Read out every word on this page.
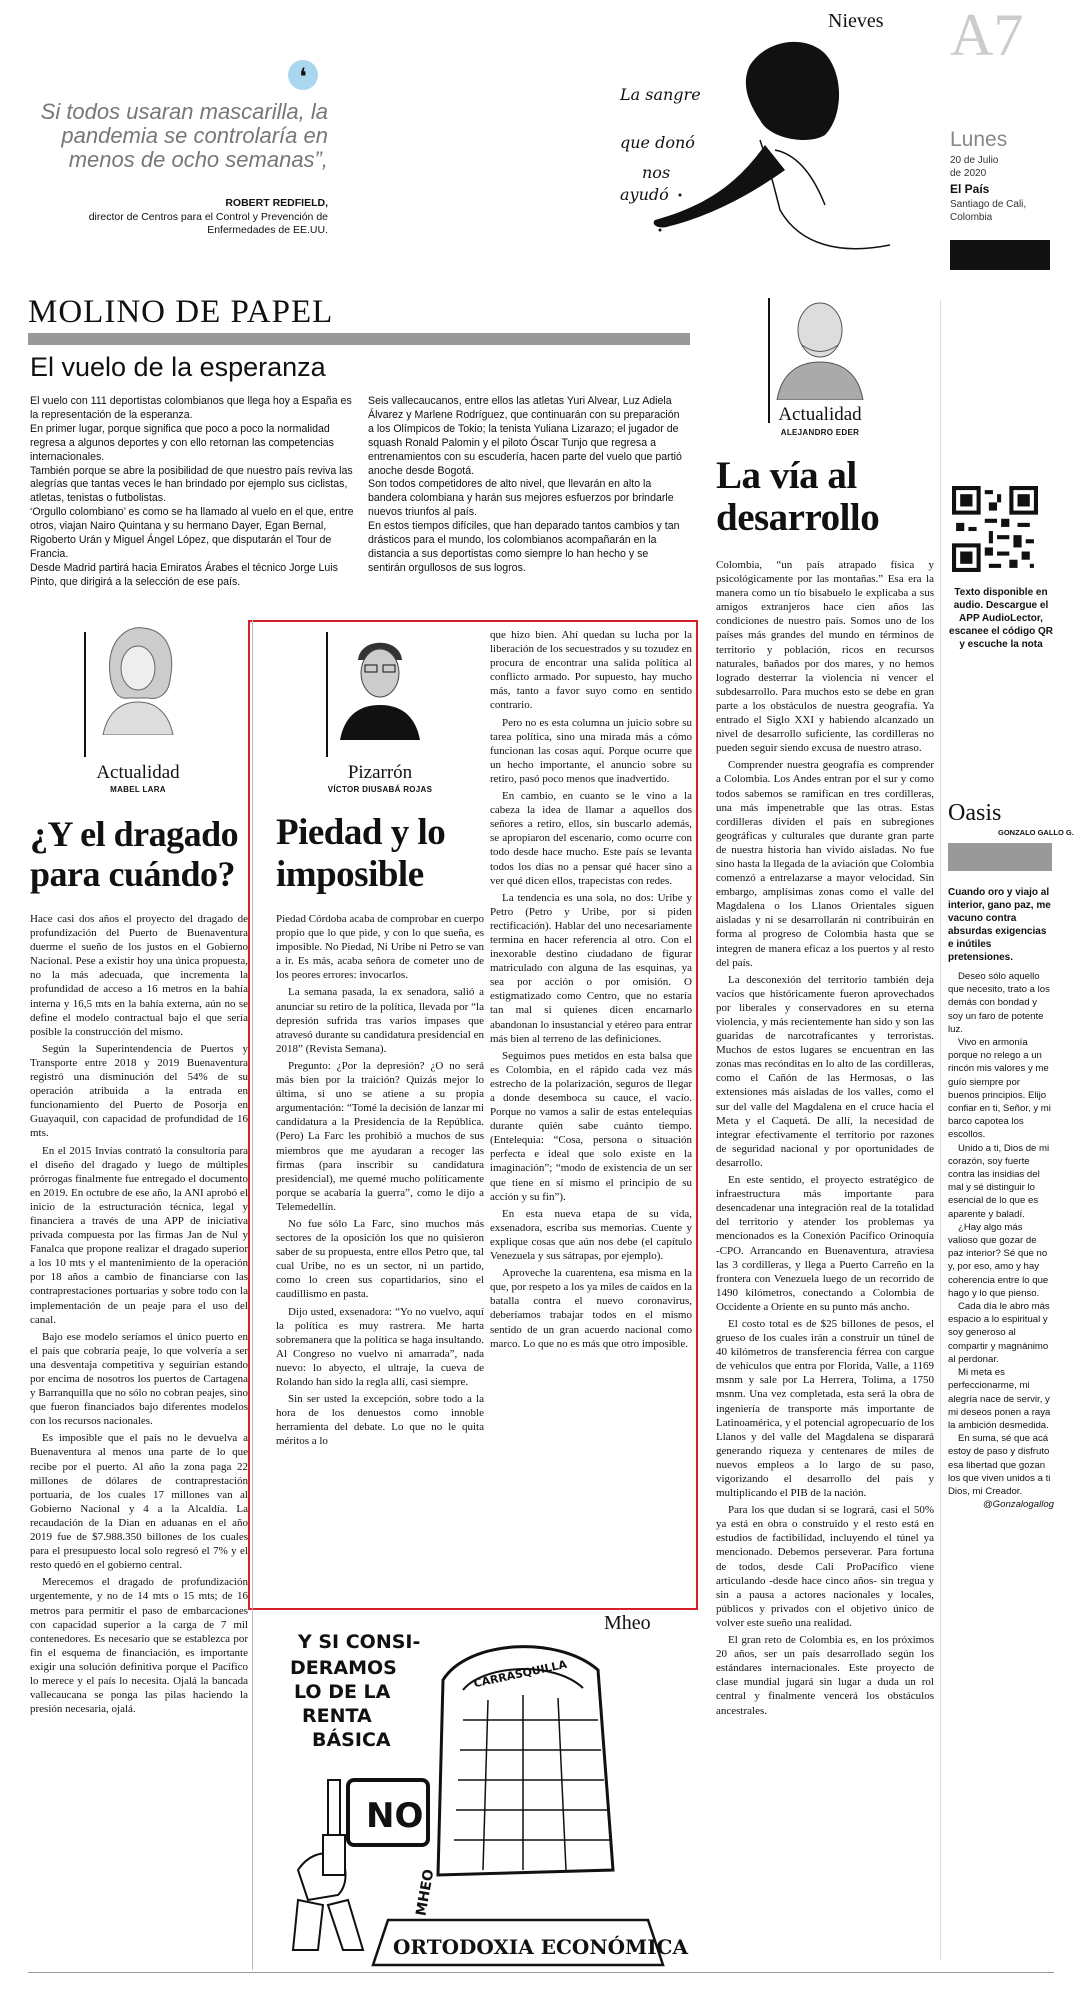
❛
Si todos usaran mascarilla, la pandemia se controlaría en menos de ocho semanas”,
ROBERT REDFIELD,
director de Centros para el Control y Prevención de Enfermedades de EE.UU.
Nieves
La sangre
que donó
nos
ayudó
A7
Lunes
20 de Julio
de 2020
El País
Santiago de Cali,
Colombia
MOLINO DE PAPEL
El vuelo de la esperanza

El vuelo con 111 deportistas colombianos que llega hoy a España es la representación de la esperanza.

En primer lugar, porque significa que poco a poco la normalidad regresa a algunos deportes y con ello retornan las competencias internacionales.

También porque se abre la posibilidad de que nuestro país reviva las alegrías que tantas veces le han brindado por ejemplo sus ciclistas, atletas, tenistas o futbolistas.

‘Orgullo colombiano’ es como se ha llamado al vuelo en el que, entre otros, viajan Nairo Quintana y su hermano Dayer, Egan Bernal, Rigoberto Urán y Miguel Ángel López, que disputarán el Tour de Francia.

Desde Madrid partirá hacia Emiratos Árabes el técnico Jorge Luis Pinto, que dirigirá a la selección de ese país.

Seis vallecaucanos, entre ellos las atletas Yuri Alvear, Luz Adiela Álvarez y Marlene Rodríguez, que continuarán con su preparación a los Olímpicos de Tokio; la tenista Yuliana Lizarazo; el jugador de squash Ronald Palomin y el piloto Óscar Tunjo que regresa a entrenamientos con su escudería, hacen parte del vuelo que partió anoche desde Bogotá.

Son todos competidores de alto nivel, que llevarán en alto la bandera colombiana y harán sus mejores esfuerzos por brindarle nuevos triunfos al país.

En estos tiempos difíciles, que han deparado tantos cambios y tan drásticos para el mundo, los colombianos acompañarán en la distancia a sus deportistas como siempre lo han hecho y se sentirán orgullosos de sus logros.

Actualidad
ALEJANDRO EDER
La vía al desarrollo

Colombia, “un país atrapado física y psicológicamente por las montañas.” Esa era la manera como un tío bisabuelo le explicaba a sus amigos extranjeros hace cien años las condiciones de nuestro país. Somos uno de los países más grandes del mundo en términos de territorio y población, ricos en recursos naturales, bañados por dos mares, y no hemos logrado desterrar la violencia ni vencer el subdesarrollo. Para muchos esto se debe en gran parte a los obstáculos de nuestra geografía. Ya entrado el Siglo XXI y habiendo alcanzado un nivel de desarrollo suficiente, las cordilleras no pueden seguir siendo excusa de nuestro atraso.

Comprender nuestra geografía es comprender a Colombia. Los Andes entran por el sur y como todos sabemos se ramifican en tres cordilleras, una más impenetrable que las otras. Estas cordilleras dividen el país en subregiones geográficas y culturales que durante gran parte de nuestra historia han vivido aisladas. No fue sino hasta la llegada de la aviación que Colombia comenzó a entrelazarse a mayor velocidad. Sin embargo, amplísimas zonas como el valle del Magdalena o los Llanos Orientales siguen aisladas y ni se desarrollarán ni contribuirán en forma al progreso de Colombia hasta que se integren de manera eficaz a los puertos y al resto del país.

La desconexión del territorio también deja vacíos que históricamente fueron aprovechados por liberales y conservadores en su eterna violencia, y más recientemente han sido y son las guaridas de narcotraficantes y terroristas. Muchos de estos lugares se encuentran en las zonas mas recónditas en lo alto de las cordilleras, como el Cañón de las Hermosas, o las extensiones más aisladas de los valles, como el sur del valle del Magdalena en el cruce hacia el Meta y el Caquetá. De allí, la necesidad de integrar efectivamente el territorio por razones de seguridad nacional y por oportunidades de desarrollo.

En este sentido, el proyecto estratégico de infraestructura más importante para desencadenar una integración real de la totalidad del territorio y atender los problemas ya mencionados es la Conexión Pacífico Orinoquía -CPO. Arrancando en Buenaventura, atraviesa las 3 cordilleras, y llega a Puerto Carreño en la frontera con Venezuela luego de un recorrido de 1490 kilómetros, conectando a Colombia de Occidente a Oriente en su punto más ancho.

El costo total es de $25 billones de pesos, el grueso de los cuales irán a construir un túnel de 40 kilómetros de transferencia férrea con cargue de vehículos que entra por Florida, Valle, a 1169 msnm y sale por La Herrera, Tolima, a 1750 msnm. Una vez completada, esta será la obra de ingeniería de transporte más importante de Latinoamérica, y el potencial agropecuario de los Llanos y del valle del Magdalena se disparará generando riqueza y centenares de miles de nuevos empleos a lo largo de su paso, vigorizando el desarrollo del país y multiplicando el PIB de la nación.

Para los que dudan si se logrará, casi el 50% ya está en obra o construido y el resto está en estudios de factibilidad, incluyendo el túnel ya mencionado. Debemos perseverar. Para fortuna de todos, desde Cali ProPacífico viene articulando -desde hace cinco años- sin tregua y sin a pausa a actores nacionales y locales, públicos y privados con el objetivo único de volver este sueño una realidad.

El gran reto de Colombia es, en los próximos 20 años, ser un país desarrollado según los estándares internacionales. Este proyecto de clase mundial jugará sin lugar a duda un rol central y finalmente vencerá los obstáculos ancestrales.

Texto disponible en audio. Descargue el APP AudioLector, escanee el código QR y escuche la nota
Actualidad
MABEL LARA
¿Y el dragado para cuándo?

Hace casi dos años el proyecto del dragado de profundización del Puerto de Buenaventura duerme el sueño de los justos en el Gobierno Nacional. Pese a existir hoy una única propuesta, no la más adecuada, que incrementa la profundidad de acceso a 16 metros en la bahía interna y 16,5 mts en la bahía externa, aún no se define el modelo contractual bajo el que sería posible la construcción del mismo.

Según la Superintendencia de Puertos y Transporte entre 2018 y 2019 Buenaventura registró una disminución del 54% de su operación atribuida a la entrada en funcionamiento del Puerto de Posorja en Guayaquil, con capacidad de profundidad de 16 mts.

En el 2015 Invías contrató la consultoría para el diseño del dragado y luego de múltiples prórrogas finalmente fue entregado el documento en 2019. En octubre de ese año, la ANI aprobó el inicio de la estructuración técnica, legal y financiera a través de una APP de iniciativa privada compuesta por las firmas Jan de Nul y Fanalca que propone realizar el dragado superior a los 10 mts y el mantenimiento de la operación por 18 años a cambio de financiarse con las contraprestaciones portuarias y sobre todo con la implementación de un peaje para el uso del canal.

Bajo ese modelo seríamos el único puerto en el país que cobraría peaje, lo que volvería a ser una desventaja competitiva y seguirían estando por encima de nosotros los puertos de Cartagena y Barranquilla que no sólo no cobran peajes, sino que fueron financiados bajo diferentes modelos con los recursos nacionales.

Es imposible que el país no le devuelva a Buenaventura al menos una parte de lo que recibe por el puerto. Al año la zona paga 22 millones de dólares de contraprestación portuaria, de los cuales 17 millones van al Gobierno Nacional y 4 a la Alcaldía. La recaudación de la Dian en aduanas en el año 2019 fue de $7.988.350 billones de los cuales para el presupuesto local solo regresó el 7% y el resto quedó en el gobierno central.

Merecemos el dragado de profundización urgentemente, y no de 14 mts o 15 mts; de 16 metros para permitir el paso de embarcaciones con capacidad superior a la carga de 7 mil contenedores. Es necesario que se establezca por fin el esquema de financiación, es importante exigir una solución definitiva porque el Pacífico lo merece y el país lo necesita. Ojalá la bancada vallecaucana se ponga las pilas haciendo la presión necesaria, ojalá.

Pizarrón
VÍCTOR DIUSABÁ ROJAS
Piedad y lo imposible

Piedad Córdoba acaba de comprobar en cuerpo propio que lo que pide, y con lo que sueña, es imposible. No Piedad, Ni Uribe ni Petro se van a ir. Es más, acaba señora de cometer uno de los peores errores: invocarlos.

La semana pasada, la ex senadora, salió a anunciar su retiro de la política, llevada por “la depresión sufrida tras varios impases que atravesó durante su candidatura presidencial en 2018” (Revista Semana).

Pregunto: ¿Por la depresión? ¿O no será más bien por la traición? Quizás mejor lo última, si uno se atiene a su propia argumentación: “Tomé la decisión de lanzar mi candidatura a la Presidencia de la República. (Pero) La Farc les prohibió a muchos de sus miembros que me ayudaran a recoger las firmas (para inscribir su candidatura presidencial), me quemé mucho políticamente porque se acabaría la guerra”, como le dijo a Telemedellín.

No fue sólo La Farc, sino muchos más sectores de la oposición los que no quisieron saber de su propuesta, entre ellos Petro que, tal cual Uribe, no es un sector, ni un partido, como lo creen sus copartidarios, sino el caudillismo en pasta.

Dijo usted, exsenadora: “Yo no vuelvo, aquí la política es muy rastrera. Me harta sobremanera que la política se haga insultando. Al Congreso no vuelvo ni amarrada”, nada nuevo: lo abyecto, el ultraje, la cueva de Rolando han sido la regla allí, casi siempre.

Sin ser usted la excepción, sobre todo a la hora de los denuestos como innoble herramienta del debate. Lo que no le quita méritos a lo

que hizo bien. Ahí quedan su lucha por la liberación de los secuestrados y su tozudez en procura de encontrar una salida política al conflicto armado. Por supuesto, hay mucho más, tanto a favor suyo como en sentido contrario.

Pero no es esta columna un juicio sobre su tarea política, sino una mirada más a cómo funcionan las cosas aquí. Porque ocurre que un hecho importante, el anuncio sobre su retiro, pasó poco menos que inadvertido.

En cambio, en cuanto se le vino a la cabeza la idea de llamar a aquellos dos señores a retiro, ellos, sin buscarlo además, se apropiaron del escenario, como ocurre con todo desde hace mucho. Este país se levanta todos los días no a pensar qué hacer sino a ver qué dicen ellos, trapecistas con redes.

La tendencia es una sola, no dos: Uribe y Petro (Petro y Uribe, por si piden rectificación). Hablar del uno necesariamente termina en hacer referencia al otro. Con el inexorable destino ciudadano de figurar matriculado con alguna de las esquinas, ya sea por acción o por omisión. O estigmatizado como Centro, que no estaría tan mal si quienes dicen encarnarlo abandonan lo insustancial y etéreo para entrar más bien al terreno de las definiciones.

Seguimos pues metidos en esta balsa que es Colombia, en el rápido cada vez más estrecho de la polarización, seguros de llegar a donde desemboca su cauce, el vacío. Porque no vamos a salir de estas entelequias durante quién sabe cuánto tiempo. (Entelequia: “Cosa, persona o situación perfecta e ideal que solo existe en la imaginación”; “modo de existencia de un ser que tiene en sí mismo el principio de su acción y su fin”).

En esta nueva etapa de su vida, exsenadora, escriba sus memorias. Cuente y explique cosas que aún nos debe (el capítulo Venezuela y sus sátrapas, por ejemplo).

Aproveche la cuarentena, esa misma en la que, por respeto a los ya miles de caídos en la batalla contra el nuevo coronavirus, deberíamos trabajar todos en el mismo sentido de un gran acuerdo nacional como marco. Lo que no es más que otro imposible.

Mheo
Y SI CONSI-
DERAMOS
LO DE LA
RENTA
BÁSICA
NO
CARRASQUILLA
MHEO
ORTODOXIA ECONÓMICA
Oasis
GONZALO GALLO G.

Cuando oro y viajo al interior, gano paz, me vacuno contra absurdas exigencias e inútiles pretensiones.

Deseo sólo aquello que necesito, trato a los demás con bondad y soy un faro de potente luz.

Vivo en armonía porque no relego a un rincón mis valores y me guío siempre por buenos principios. Elijo confiar en ti, Señor, y mi barco capotea los escollos.

Unido a ti, Dios de mi corazón, soy fuerte contra las insidias del mal y sé distinguir lo esencial de lo que es aparente y baladí.

¿Hay algo más valioso que gozar de paz interior? Sé que no y, por eso, amo y hay coherencia entre lo que hago y lo que pienso.

Cada día le abro más espacio a lo espiritual y soy generoso al compartir y magnánimo al perdonar.

Mi meta es perfeccionarme, mi alegría nace de servir, y mi deseos ponen a raya la ambición desmedida.

En suma, sé que acá estoy de paso y disfruto esa libertad que gozan los que viven unidos a ti Dios, mi Creador.

@Gonzalogallog
